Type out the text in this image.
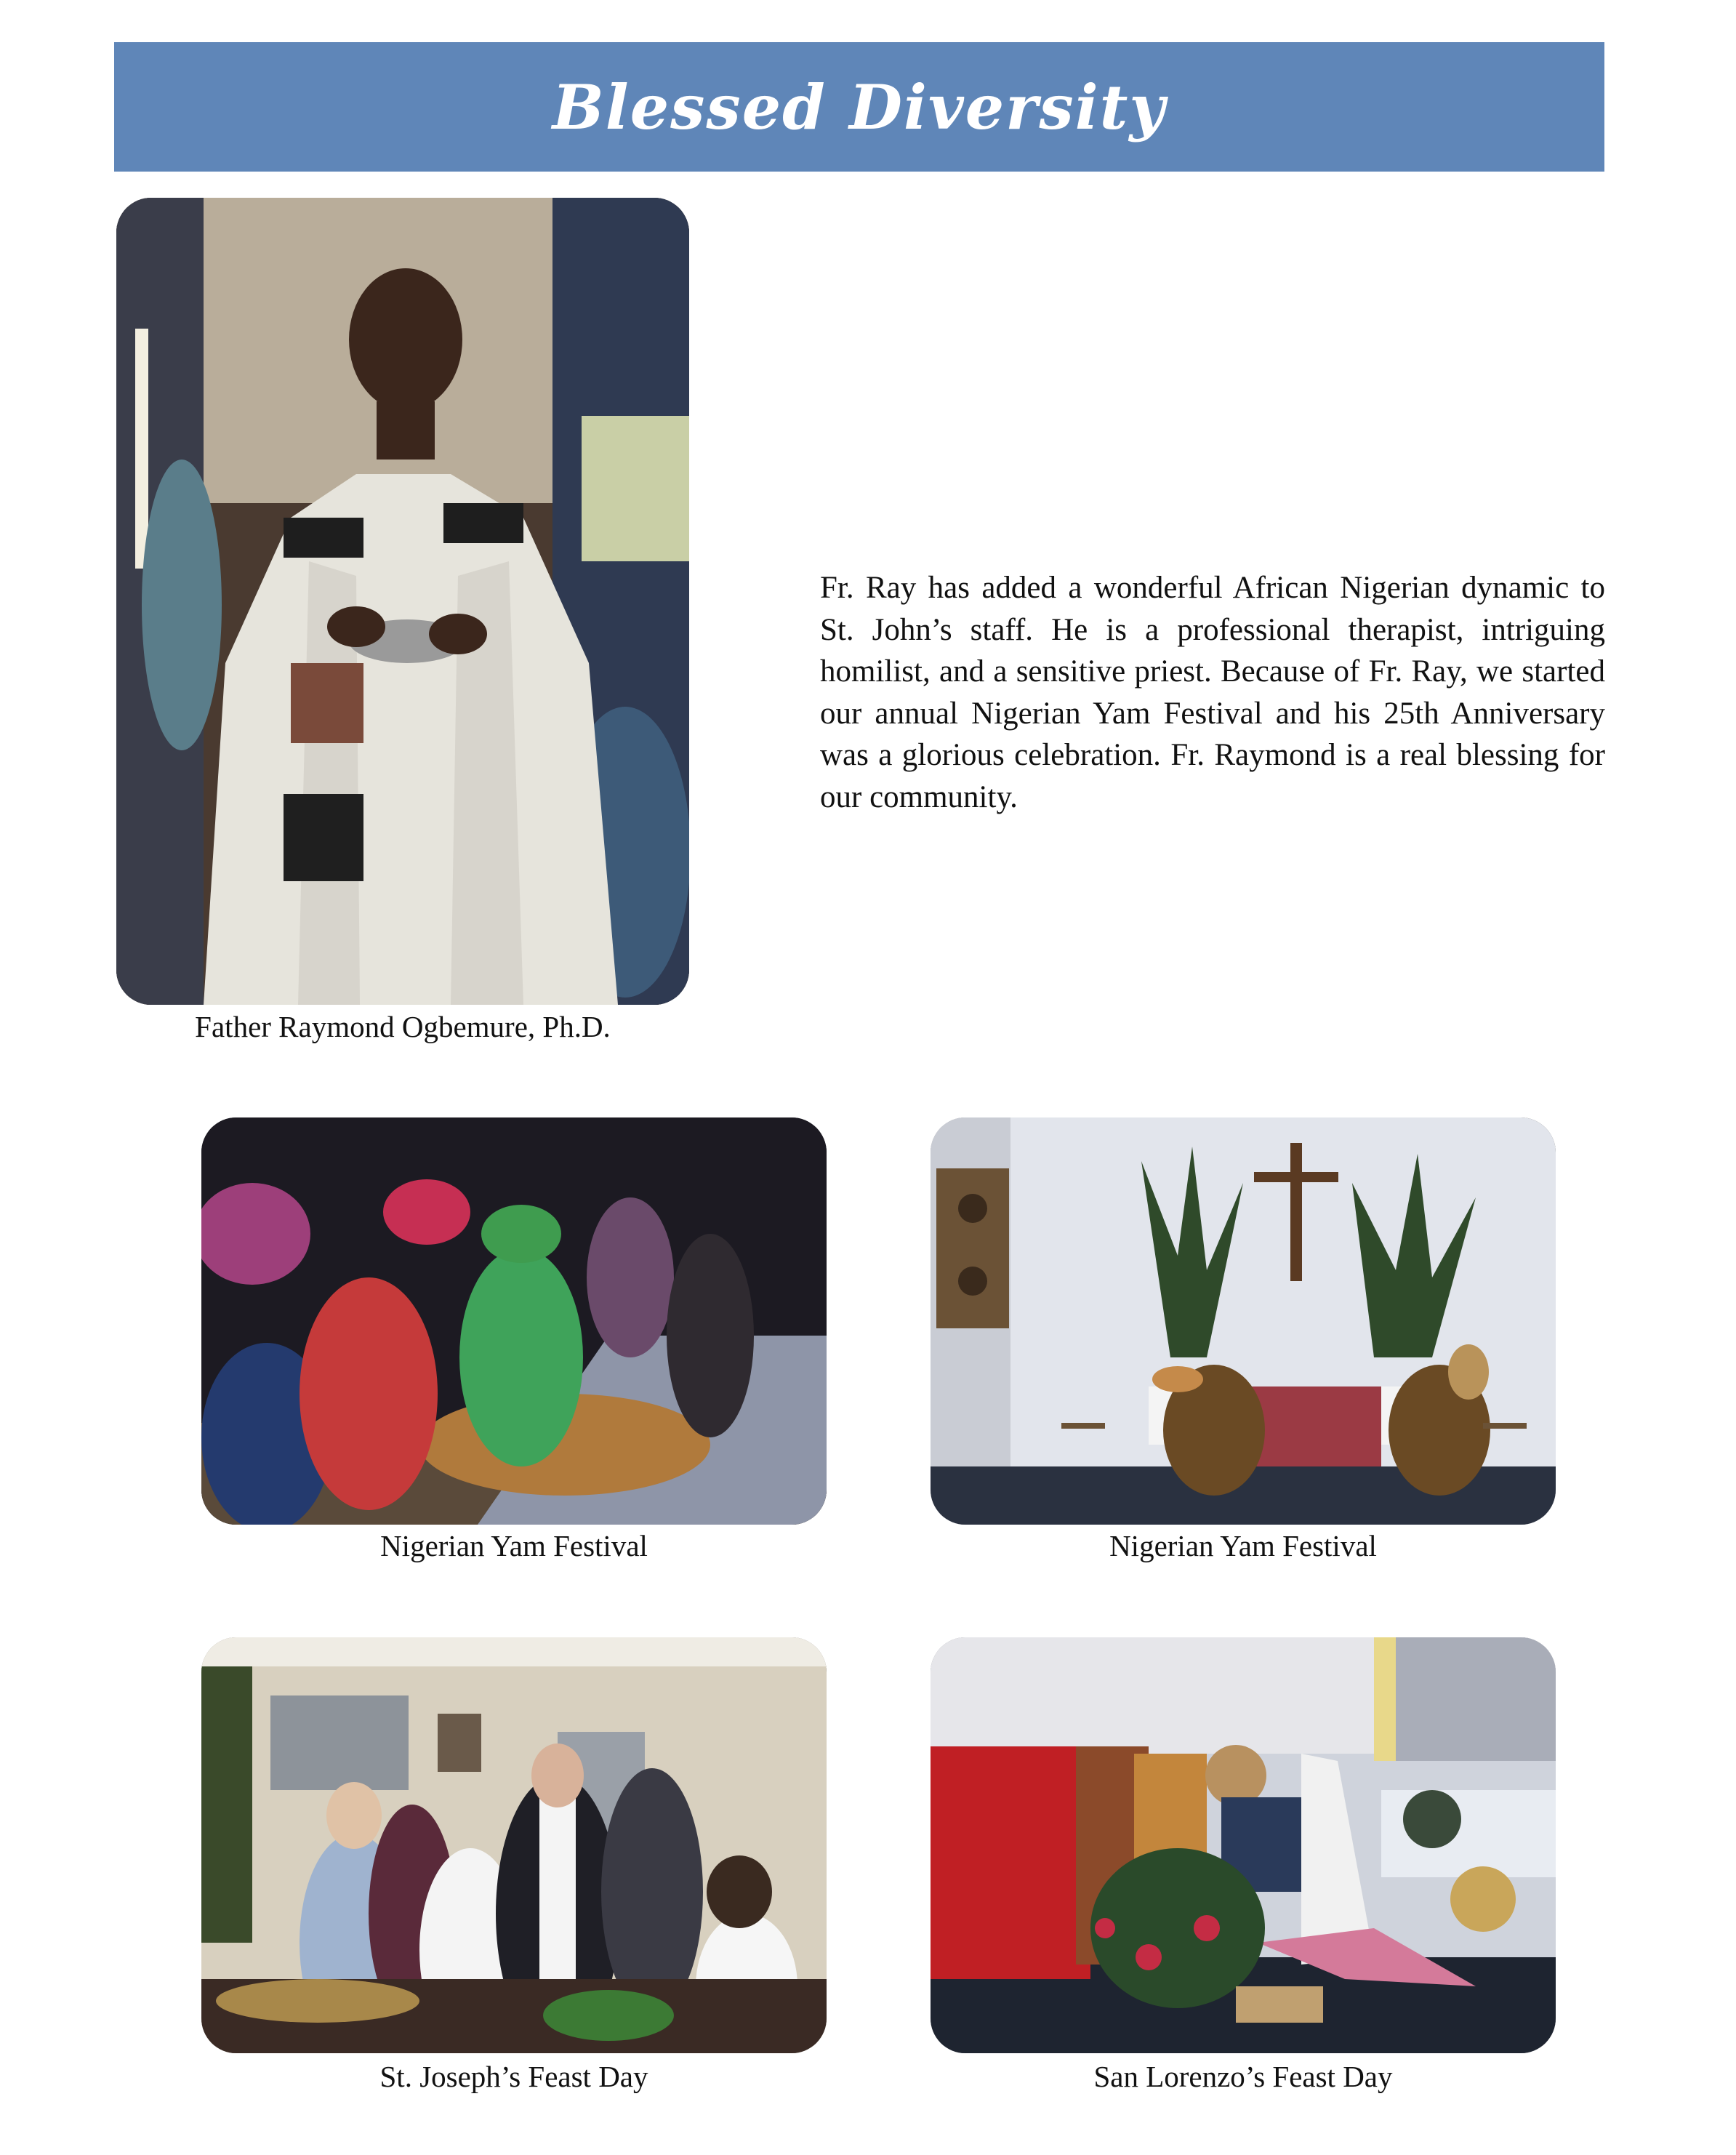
Blessed Diversity
Father Raymond Ogbemure, Ph.D.

Fr. Ray has added a wonderful African Nigerian dynamic to St. John’s staff. He is a professional therapist, intriguing homilist, and a sensitive priest. Because of Fr. Ray, we started our annual Nigerian Yam Festival and his 25th Anniversary was a glorious celebration. Fr. Raymond is a real blessing for our community.

Nigerian Yam Festival	Nigerian Yam Festival
St. Joseph’s Feast Day	San Lorenzo’s Feast Day
